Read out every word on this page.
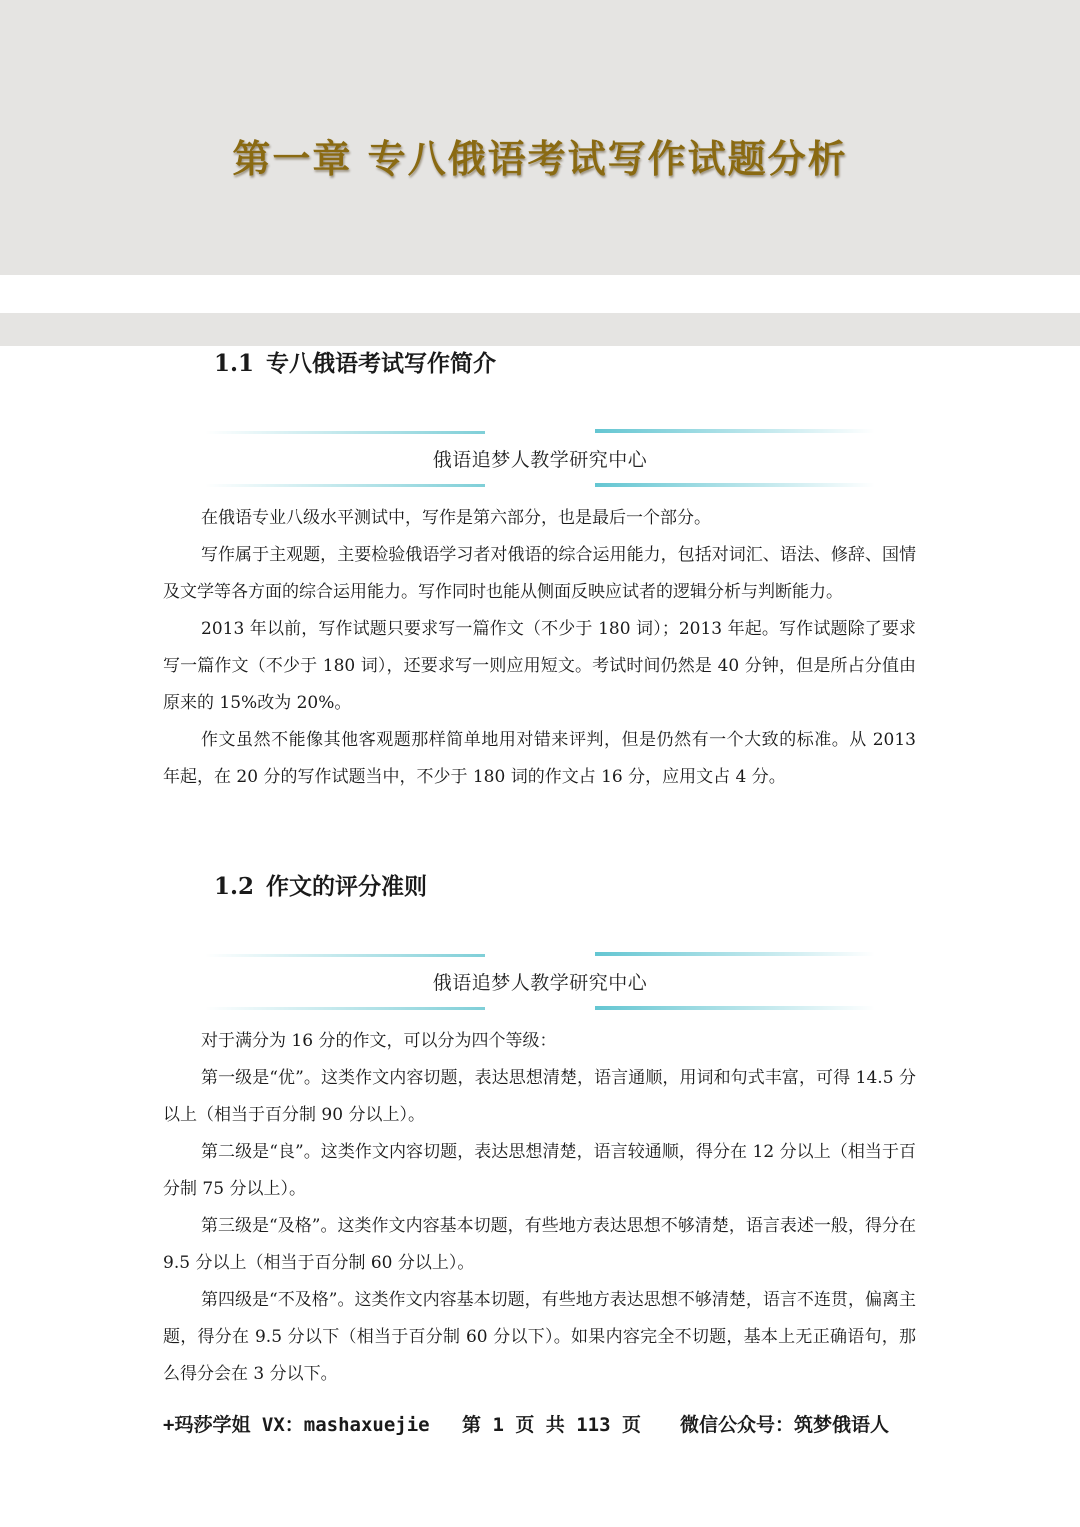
第一章 专八俄语考试写作试题分析
1.1 专八俄语考试写作简介
俄语追梦人教学研究中心

在俄语专业八级水平测试中，写作是第六部分，也是最后一个部分。

写作属于主观题，主要检验俄语学习者对俄语的综合运用能力，包括对词汇、语法、修辞、国情及文学等各方面的综合运用能力。写作同时也能从侧面反映应试者的逻辑分析与判断能力。

2013 年以前，写作试题只要求写一篇作文（不少于 180 词）；2013 年起。写作试题除了要求写一篇作文（不少于 180 词），还要求写一则应用短文。考试时间仍然是 40 分钟，但是所占分值由原来的 15%改为 20%。

作文虽然不能像其他客观题那样简单地用对错来评判，但是仍然有一个大致的标准。从 2013 年起，在 20 分的写作试题当中，不少于 180 词的作文占 16 分，应用文占 4 分。

1.2 作文的评分准则
俄语追梦人教学研究中心

对于满分为 16 分的作文，可以分为四个等级：

第一级是“优”。这类作文内容切题，表达思想清楚，语言通顺，用词和句式丰富，可得 14.5 分以上（相当于百分制 90 分以上）。

第二级是“良”。这类作文内容切题，表达思想清楚，语言较通顺，得分在 12 分以上（相当于百分制 75 分以上）。

第三级是“及格”。这类作文内容基本切题，有些地方表达思想不够清楚，语言表述一般，得分在 9.5 分以上（相当于百分制 60 分以上）。

第四级是“不及格”。这类作文内容基本切题，有些地方表达思想不够清楚，语言不连贯，偏离主题，得分在 9.5 分以下（相当于百分制 60 分以下）。如果内容完全不切题，基本上无正确语句，那么得分会在 3 分以下。

+玛莎学姐 VX：mashaxuejie 第 1 页 共 113 页 微信公众号：筑梦俄语人
